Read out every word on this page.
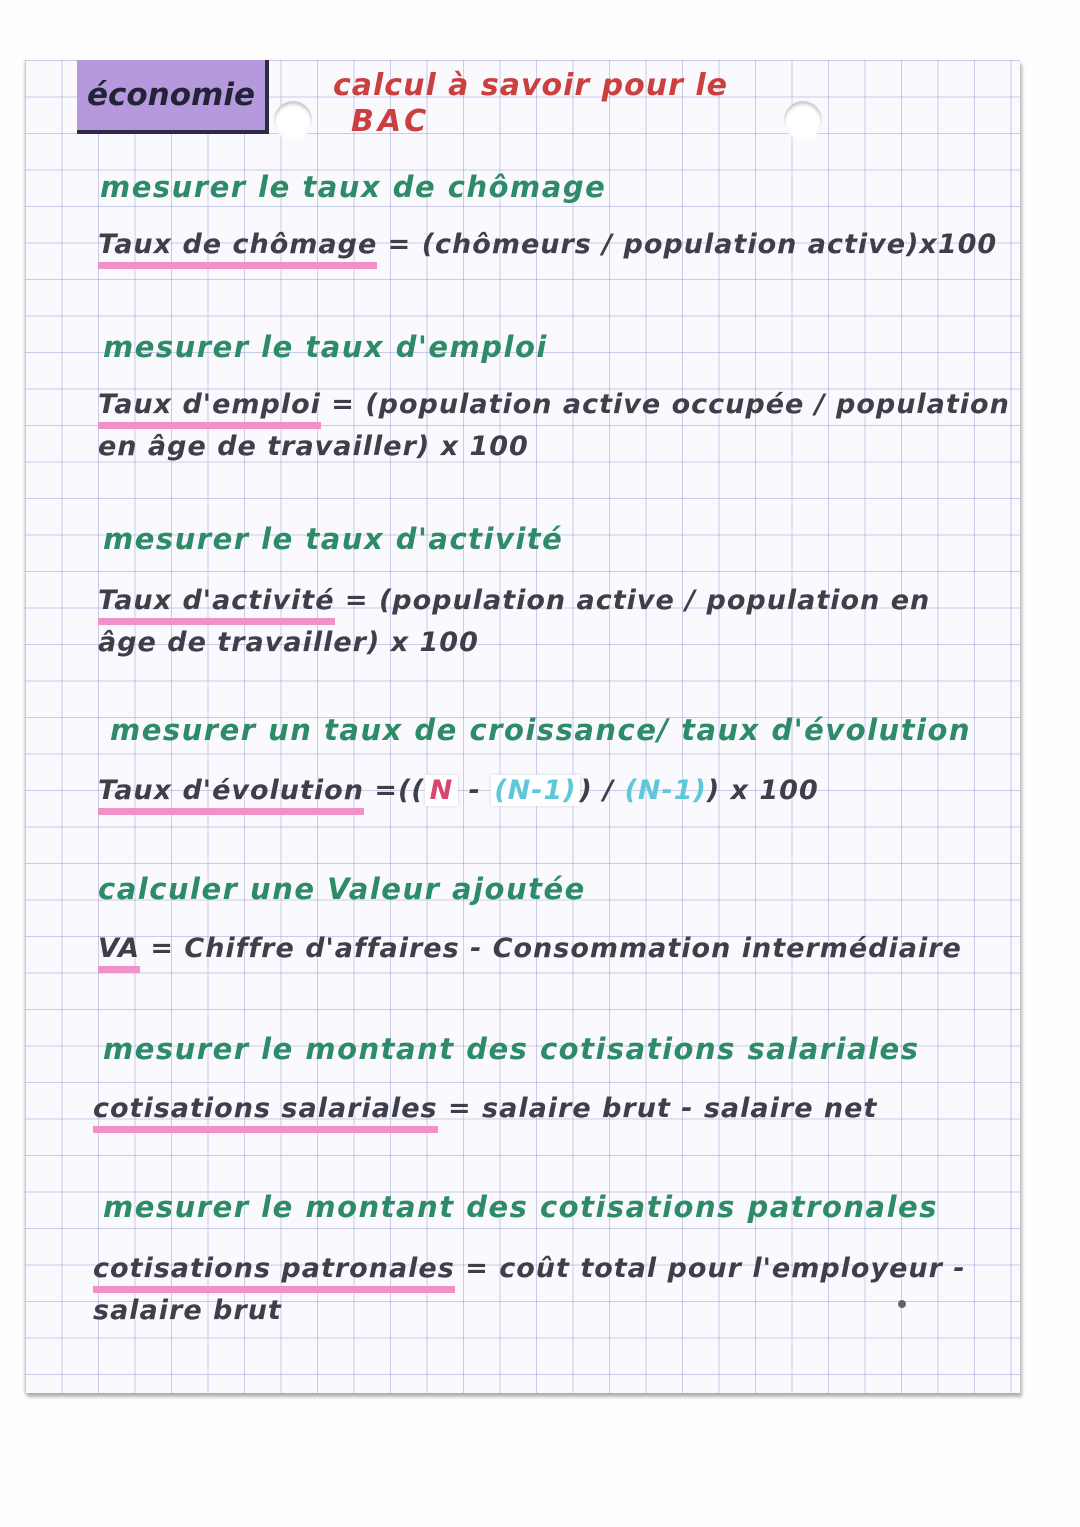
économie	calcul à savoir pour le
BAC
mesurer le taux de chômage
Taux de chômage = (chômeurs / population active)x100
mesurer le taux d'emploi
Taux d'emploi = (population active occupée / population
en âge de travailler) x 100
mesurer le taux d'activité
Taux d'activité = (population active / population en
âge de travailler) x 100
mesurer un taux de croissance/ taux d'évolution
Taux d'évolution =(( N - (N-1) ) / (N-1)) x 100
calculer une Valeur ajoutée
VA = Chiffre d'affaires - Consommation intermédiaire
mesurer le montant des cotisations salariales
cotisations salariales = salaire brut - salaire net
mesurer le montant des cotisations patronales
cotisations patronales = coût total pour l'employeur -
salaire brut
